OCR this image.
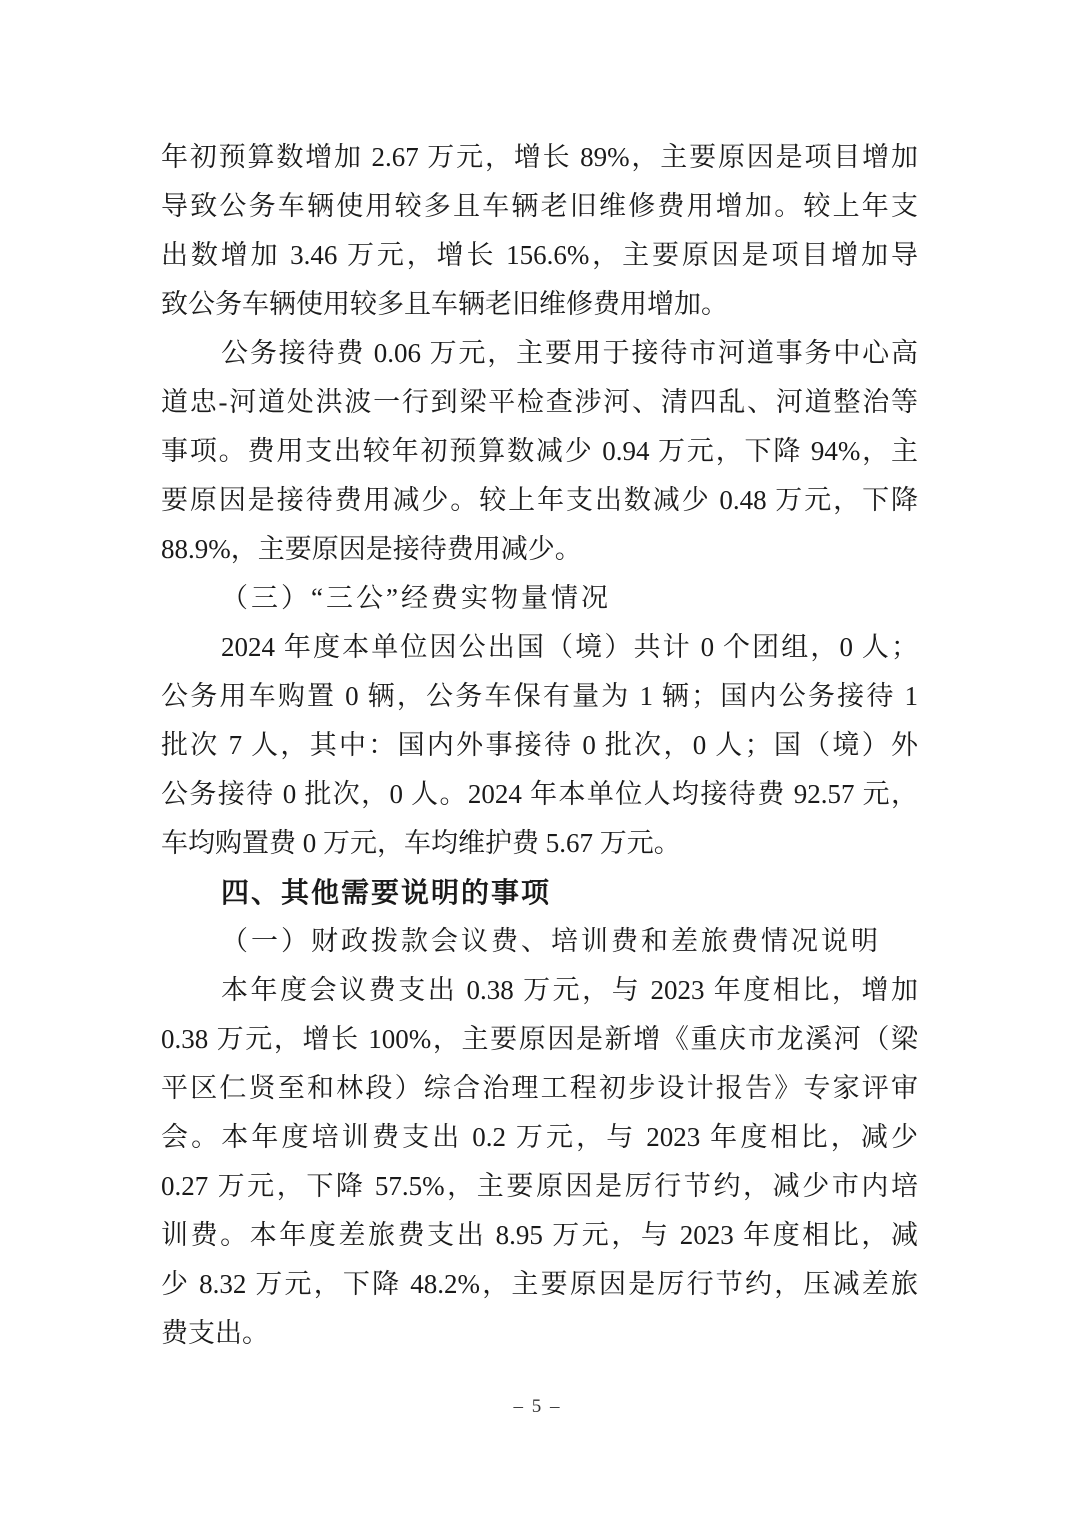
年初预算数增加 2.67 万元，增长 89%，主要原因是项目增加
导致公务车辆使用较多且车辆老旧维修费用增加。较上年支
出数增加 3.46 万元，增长 156.6%，主要原因是项目增加导
致公务车辆使用较多且车辆老旧维修费用增加。
公务接待费 0.06 万元，主要用于接待市河道事务中心高
道忠-河道处洪波一行到梁平检查涉河、清四乱、河道整治等
事项。费用支出较年初预算数减少 0.94 万元，下降 94%，主
要原因是接待费用减少。较上年支出数减少 0.48 万元，下降
88.9%，主要原因是接待费用减少。
（三）“三公”经费实物量情况
2024 年度本单位因公出国（境）共计 0 个团组，0 人；
公务用车购置 0 辆，公务车保有量为 1 辆；国内公务接待 1
批次 7 人，其中：国内外事接待 0 批次，0 人；国（境）外
公务接待 0 批次，0 人。2024 年本单位人均接待费 92.57 元，
车均购置费 0 万元，车均维护费 5.67 万元。
四、其他需要说明的事项
（一）财政拨款会议费、培训费和差旅费情况说明
本年度会议费支出 0.38 万元，与 2023 年度相比，增加
0.38 万元，增长 100%，主要原因是新增《重庆市龙溪河（梁
平区仁贤至和林段）综合治理工程初步设计报告》专家评审
会。本年度培训费支出 0.2 万元，与 2023 年度相比，减少
0.27 万元，下降 57.5%，主要原因是厉行节约，减少市内培
训费。本年度差旅费支出 8.95 万元，与 2023 年度相比，减
少 8.32 万元，下降 48.2%，主要原因是厉行节约，压减差旅
费支出。
– 5 –
